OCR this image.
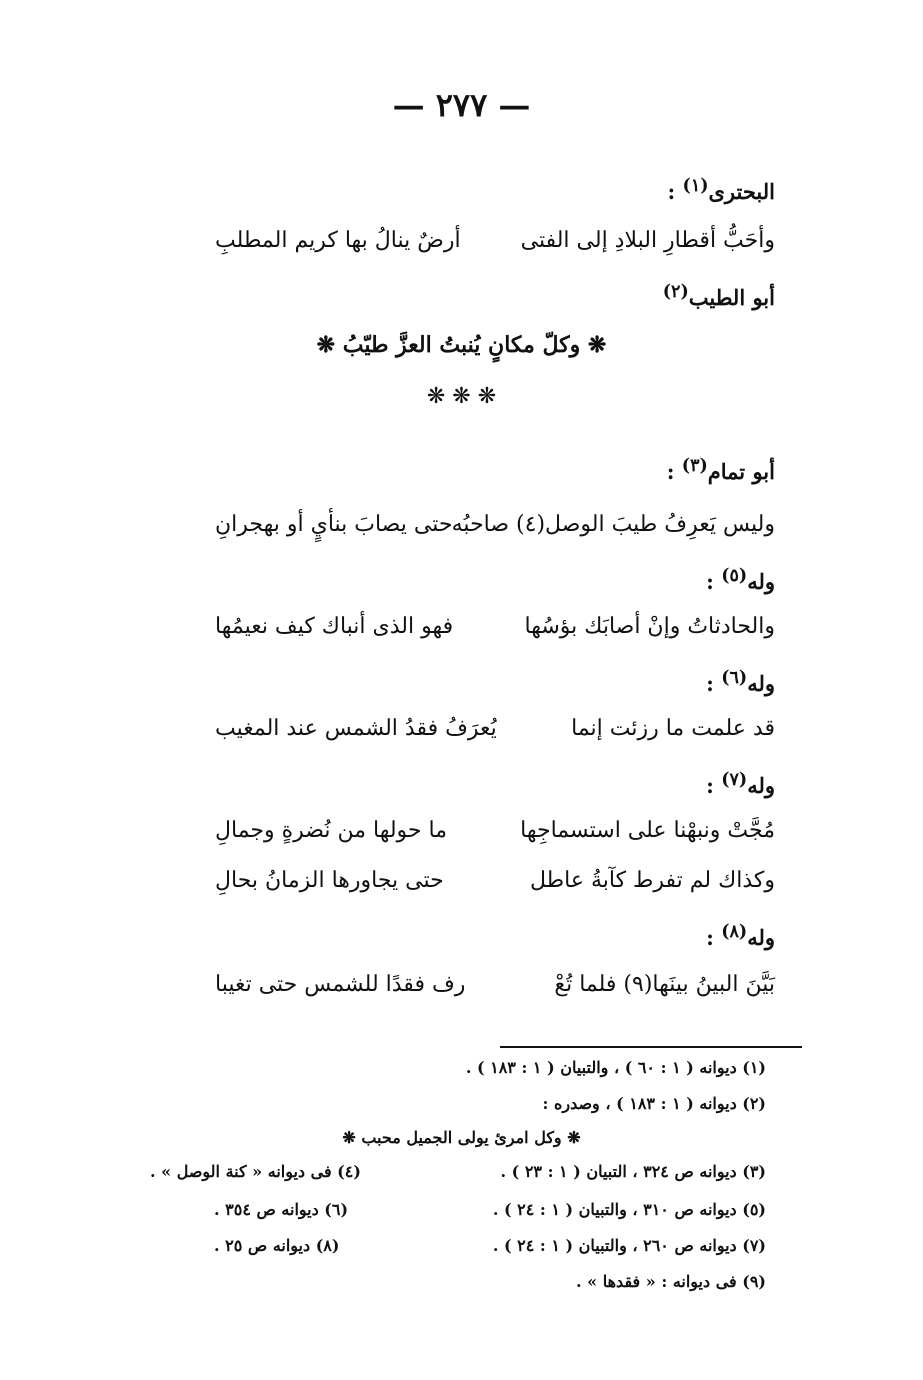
— ٢٧٧ —
البحترى$^{(١)}$ :
وأحَبُّ أقطارِ البلادِ إلى الفتى
أرضٌ ينالُ بها كريم المطلبِ
أبو الطيب$^{(٢)}$
❋ وكلّ مكانٍ يُنبتُ العزَّ طيّبُ ❋
❋ ❋ ❋
أبو تمام$^{(٣)}$ :
وليس يَعرِفُ طيبَ الوصل(٤) صاحبُه
حتى يصابَ بنأيٍ أو بهجرانِ
وله$^{(٥)}$ :
والحادثاتُ وإنْ أصابَك بؤسُها
فهو الذى أنباك كيف نعيمُها
وله$^{(٦)}$ :
قد علمت ما رزئت إنما
يُعرَفُ فقدُ الشمس عند المغيب
وله$^{(٧)}$ :
مُجَّتْ ونبهْنا على استسماجِها
ما حولها من نُضرةٍ وجمالِ
وكذاك لم تفرط كآبةُ عاطل
حتى يجاورها الزمانُ بحالِ
وله$^{(٨)}$ :
بَيَّنَ البينُ بينَها(٩) فلما تُعْ
رف فقدًا للشمس حتى تغيبا
(١) ديوانه ( ١ : ٦٠ ) ، والتبيان ( ١ : ١٨٣ ) .
(٢) ديوانه ( ١ : ١٨٣ ) ، وصدره :
❋ وكل امرئ يولى الجميل محبب ❋
(٣) ديوانه ص ٣٢٤ ، التبيان ( ١ : ٢٣ ) .
(٤) فى ديوانه « كنة الوصل » .
(٥) ديوانه ص ٣١٠ ، والتبيان ( ١ : ٢٤ ) .
(٦) ديوانه ص ٣٥٤ .
(٧) ديوانه ص ٢٦٠ ، والتبيان ( ١ : ٢٤ ) .
(٨) ديوانه ص ٢٥ .
(٩) فى ديوانه : « فقدها » .
